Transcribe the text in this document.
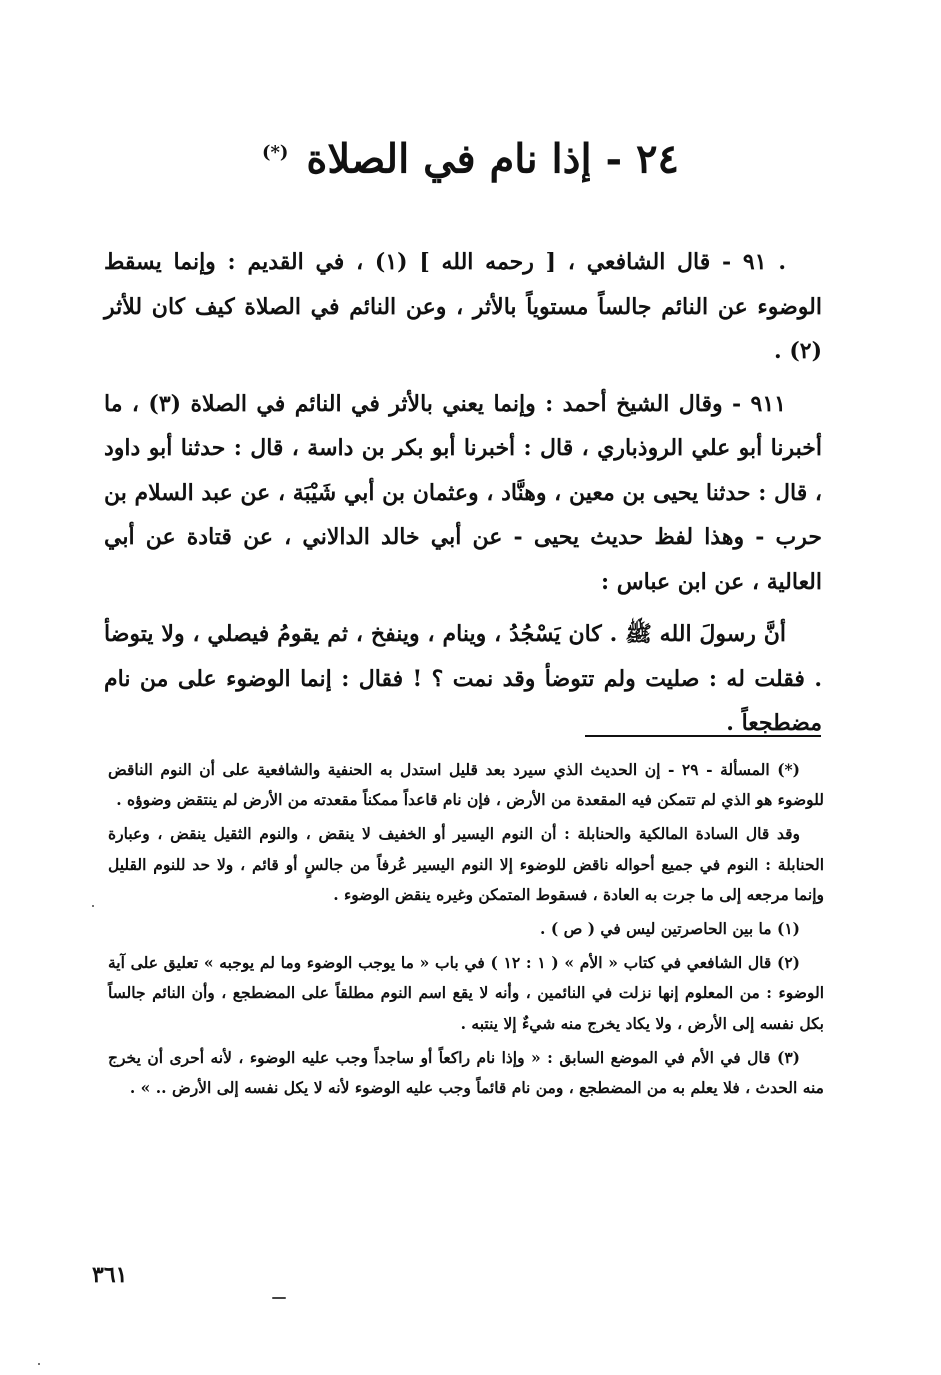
٢٤ - إذا نام في الصلاة (*)

. ٩١ - قال الشافعي ، [ رحمه الله ] (١) ، في القديم : وإنما يسقط الوضوء عن النائم جالساً مستوياً بالأثر ، وعن النائم في الصلاة كيف كان للأثر (٢) .

٩١١ - وقال الشيخ أحمد : وإنما يعني بالأثر في النائم في الصلاة (٣) ، ما أخبرنا أبو علي الروذباري ، قال : أخبرنا أبو بكر بن داسة ، قال : حدثنا أبو داود ، قال : حدثنا يحيى بن معين ، وهنَّاد ، وعثمان بن أبي شَيْبَة ، عن عبد السلام بن حرب - وهذا لفظ حديث يحيى - عن أبي خالد الدالاني ، عن قتادة عن أبي العالية ، عن ابن عباس :

أنَّ رسولَ الله ﷺ . كان يَسْجُدُ ، وينام ، وينفخ ، ثم يقومُ فيصلي ، ولا يتوضأ . فقلت له : صليت ولم تتوضأ وقد نمت ؟ ! فقال : إنما الوضوء على من نام مضطجعاً .

(*) المسألة - ٢٩ - إن الحديث الذي سيرد بعد قليل استدل به الحنفية والشافعية على أن النوم الناقض للوضوء هو الذي لم تتمكن فيه المقعدة من الأرض ، فإن نام قاعداً ممكناً مقعدته من الأرض لم ينتقض وضوؤه .

وقد قال السادة المالكية والحنابلة : أن النوم اليسير أو الخفيف لا ينقض ، والنوم الثقيل ينقض ، وعبارة الحنابلة : النوم في جميع أحواله ناقض للوضوء إلا النوم اليسير عُرفاً من جالسٍ أو قائم ، ولا حد للنوم القليل وإنما مرجعه إلى ما جرت به العادة ، فسقوط المتمكن وغيره ينقض الوضوء .

(١) ما بين الحاصرتين ليس في ( ص ) .

(٢) قال الشافعي في كتاب « الأم » ( ١ : ١٢ ) في باب « ما يوجب الوضوء وما لم يوجبه » تعليق على آية الوضوء : من المعلوم إنها نزلت في النائمين ، وأنه لا يقع اسم النوم مطلقاً على المضطجع ، وأن النائم جالساً بكل نفسه إلى الأرض ، ولا يكاد يخرج منه شيءٌ إلا ينتبه .

(٣) قال في الأم في الموضع السابق : « وإذا نام راكعاً أو ساجداً وجب عليه الوضوء ، لأنه أحرى أن يخرج منه الحدث ، فلا يعلم به من المضطجع ، ومن نام قائماً وجب عليه الوضوء لأنه لا يكل نفسه إلى الأرض .. » .

٣٦١
